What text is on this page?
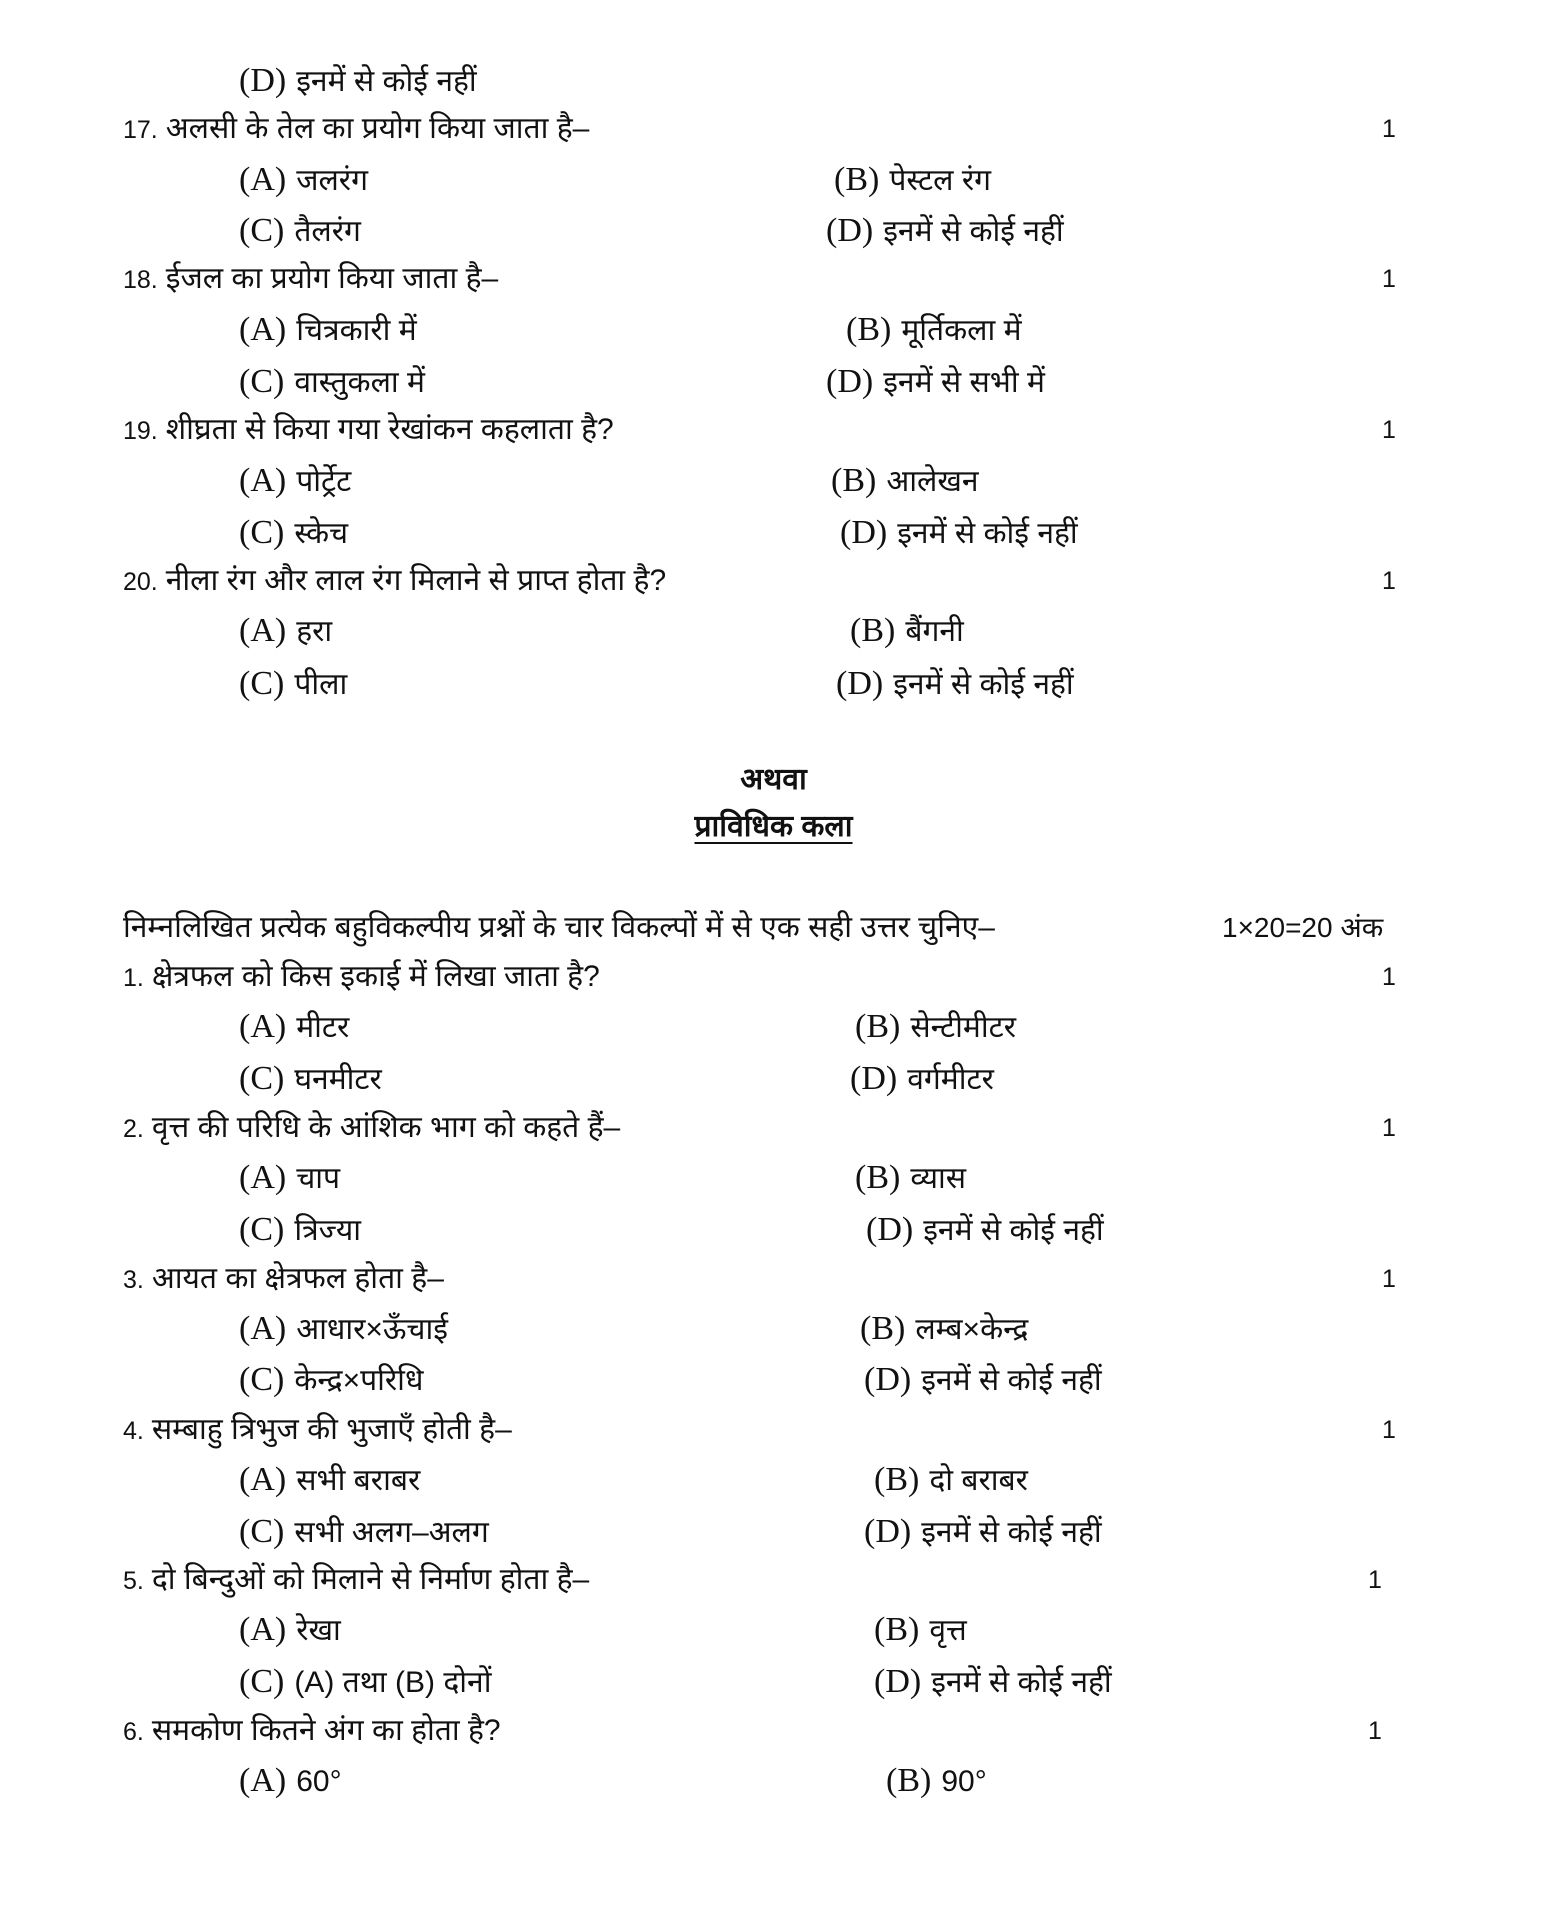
(D) इनमें से कोई नहीं
17. अलसी के तेल का प्रयोग किया जाता है–	1
(A) जलरंग	(B) पेस्टल रंग
(C) तैलरंग	(D) इनमें से कोई नहीं
18. ईजल का प्रयोग किया जाता है–	1
(A) चित्रकारी में	(B) मूर्तिकला में
(C) वास्तुकला में	(D) इनमें से सभी में
19. शीघ्रता से किया गया रेखांकन कहलाता है?	1
(A) पोर्ट्रेट	(B) आलेखन
(C) स्केच	(D) इनमें से कोई नहीं
20. नीला रंग और लाल रंग मिलाने से प्राप्त होता है?	1
(A) हरा	(B) बैंगनी
(C) पीला	(D) इनमें से कोई नहीं
अथवा
प्राविधिक कला
निम्नलिखित प्रत्येक बहुविकल्पीय प्रश्नों के चार विकल्पों में से एक सही उत्तर चुनिए–	1×20=20 अंक
1. क्षेत्रफल को किस इकाई में लिखा जाता है?	1
(A) मीटर	(B) सेन्टीमीटर
(C) घनमीटर	(D) वर्गमीटर
2. वृत्त की परिधि के आंशिक भाग को कहते हैं–	1
(A) चाप	(B) व्यास
(C) त्रिज्या	(D) इनमें से कोई नहीं
3. आयत का क्षेत्रफल होता है–	1
(A) आधार×ऊँचाई	(B) लम्ब×केन्द्र
(C) केन्द्र×परिधि	(D) इनमें से कोई नहीं
4. सम्बाहु त्रिभुज की भुजाएँ होती है–	1
(A) सभी बराबर	(B) दो बराबर
(C) सभी अलग–अलग	(D) इनमें से कोई नहीं
5. दो बिन्दुओं को मिलाने से निर्माण होता है–	1
(A) रेखा	(B) वृत्त
(C) (A) तथा (B) दोनों	(D) इनमें से कोई नहीं
6. समकोण कितने अंग का होता है?	1
(A) 60°	(B) 90°
